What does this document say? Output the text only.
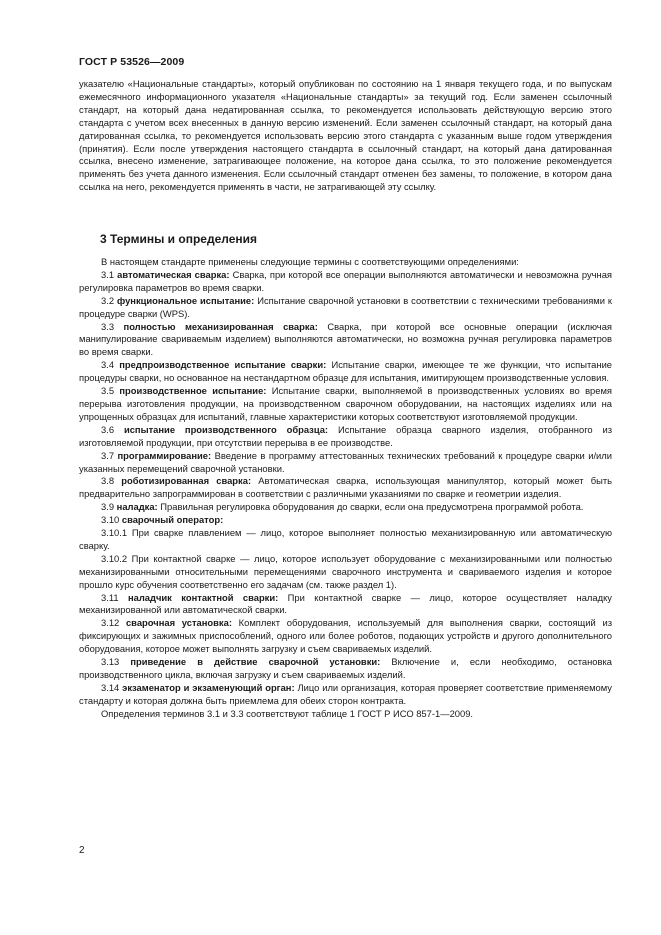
ГОСТ Р 53526—2009

указателю «Национальные стандарты», который опубликован по состоянию на 1 января текущего года, и по выпускам ежемесячного информационного указателя «Национальные стандарты» за текущий год. Если заменен ссылочный стандарт, на который дана недатированная ссылка, то рекомендуется использовать действующую версию этого стандарта с учетом всех внесенных в данную версию изменений. Если заменен ссылочный стандарт, на который дана датированная ссылка, то рекомендуется использовать версию этого стандарта с указанным выше годом утверждения (принятия). Если после утверждения настоящего стандарта в ссылочный стандарт, на который дана датированная ссылка, внесено изменение, затрагивающее положение, на которое дана ссылка, то это положение рекомендуется применять без учета данного изменения. Если ссылочный стандарт отменен без замены, то положение, в котором дана ссылка на него, рекомендуется применять в части, не затрагивающей эту ссылку.

3 Термины и определения

В настоящем стандарте применены следующие термины с соответствующими определениями:

3.1 автоматическая сварка: Сварка, при которой все операции выполняются автоматически и невозможна ручная регулировка параметров во время сварки.

3.2 функциональное испытание: Испытание сварочной установки в соответствии с техническими требованиями к процедуре сварки (WPS).

3.3 полностью механизированная сварка: Сварка, при которой все основные операции (исключая манипулирование свариваемым изделием) выполняются автоматически, но возможна ручная регулировка параметров во время сварки.

3.4 предпроизводственное испытание сварки: Испытание сварки, имеющее те же функции, что испытание процедуры сварки, но основанное на нестандартном образце для испытания, имитирующем производственные условия.

3.5 производственное испытание: Испытание сварки, выполняемой в производственных условиях во время перерыва изготовления продукции, на производственном сварочном оборудовании, на настоящих изделиях или на упрощенных образцах для испытаний, главные характеристики которых соответствуют изготовляемой продукции.

3.6 испытание производственного образца: Испытание образца сварного изделия, отобранного из изготовляемой продукции, при отсутствии перерыва в ее производстве.

3.7 программирование: Введение в программу аттестованных технических требований к процедуре сварки и/или указанных перемещений сварочной установки.

3.8 роботизированная сварка: Автоматическая сварка, использующая манипулятор, который может быть предварительно запрограммирован в соответствии с различными указаниями по сварке и геометрии изделия.

3.9 наладка: Правильная регулировка оборудования до сварки, если она предусмотрена программой робота.

3.10 сварочный оператор:

3.10.1 При сварке плавлением — лицо, которое выполняет полностью механизированную или автоматическую сварку.

3.10.2 При контактной сварке — лицо, которое использует оборудование с механизированными или полностью механизированными относительными перемещениями сварочного инструмента и свариваемого изделия и которое прошло курс обучения соответственно его задачам (см. также раздел 1).

3.11 наладчик контактной сварки: При контактной сварке — лицо, которое осуществляет наладку механизированной или автоматической сварки.

3.12 сварочная установка: Комплект оборудования, используемый для выполнения сварки, состоящий из фиксирующих и зажимных приспособлений, одного или более роботов, подающих устройств и другого дополнительного оборудования, которое может выполнять загрузку и съем свариваемых изделий.

3.13 приведение в действие сварочной установки: Включение и, если необходимо, остановка производственного цикла, включая загрузку и съем свариваемых изделий.

3.14 экзаменатор и экзаменующий орган: Лицо или организация, которая проверяет соответствие применяемому стандарту и которая должна быть приемлема для обеих сторон контракта.

Определения терминов 3.1 и 3.3 соответствуют таблице 1 ГОСТ Р ИСО 857-1—2009.

2
